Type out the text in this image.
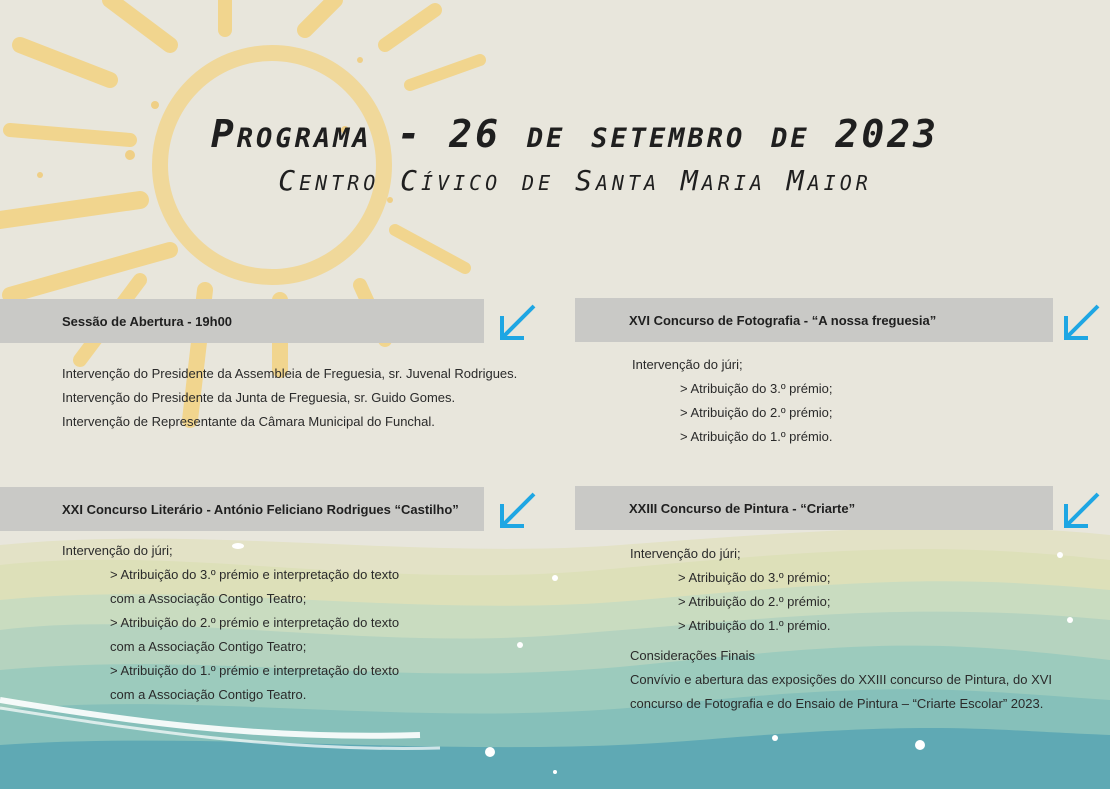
Programa - 26 de setembro de 2023
Centro Cívico de Santa Maria Maior
Sessão de Abertura - 19h00
Intervenção do Presidente da Assembleia de Freguesia, sr. Juvenal Rodrigues.
Intervenção do Presidente da Junta de Freguesia, sr. Guido Gomes.
Intervenção de Representante da Câmara Municipal do Funchal.
XVI Concurso de Fotografia - “A nossa freguesia”
Intervenção do júri;
> Atribuição do 3.º prémio;
> Atribuição do 2.º prémio;
> Atribuição do 1.º prémio.
XXI Concurso Literário - António Feliciano Rodrigues “Castilho”
Intervenção do júri;
> Atribuição do 3.º prémio e interpretação do texto
com a Associação Contigo Teatro;
> Atribuição do 2.º prémio e interpretação do texto
com a Associação Contigo Teatro;
> Atribuição do 1.º prémio e interpretação do texto
com a Associação Contigo Teatro.
XXIII Concurso de Pintura - “Criarte”
Intervenção do júri;
> Atribuição do 3.º prémio;
> Atribuição do 2.º prémio;
> Atribuição do 1.º prémio.
Considerações Finais
Convívio e abertura das exposições do XXIII concurso de Pintura, do XVI
concurso de Fotografia e do Ensaio de Pintura – “Criarte Escolar” 2023.
